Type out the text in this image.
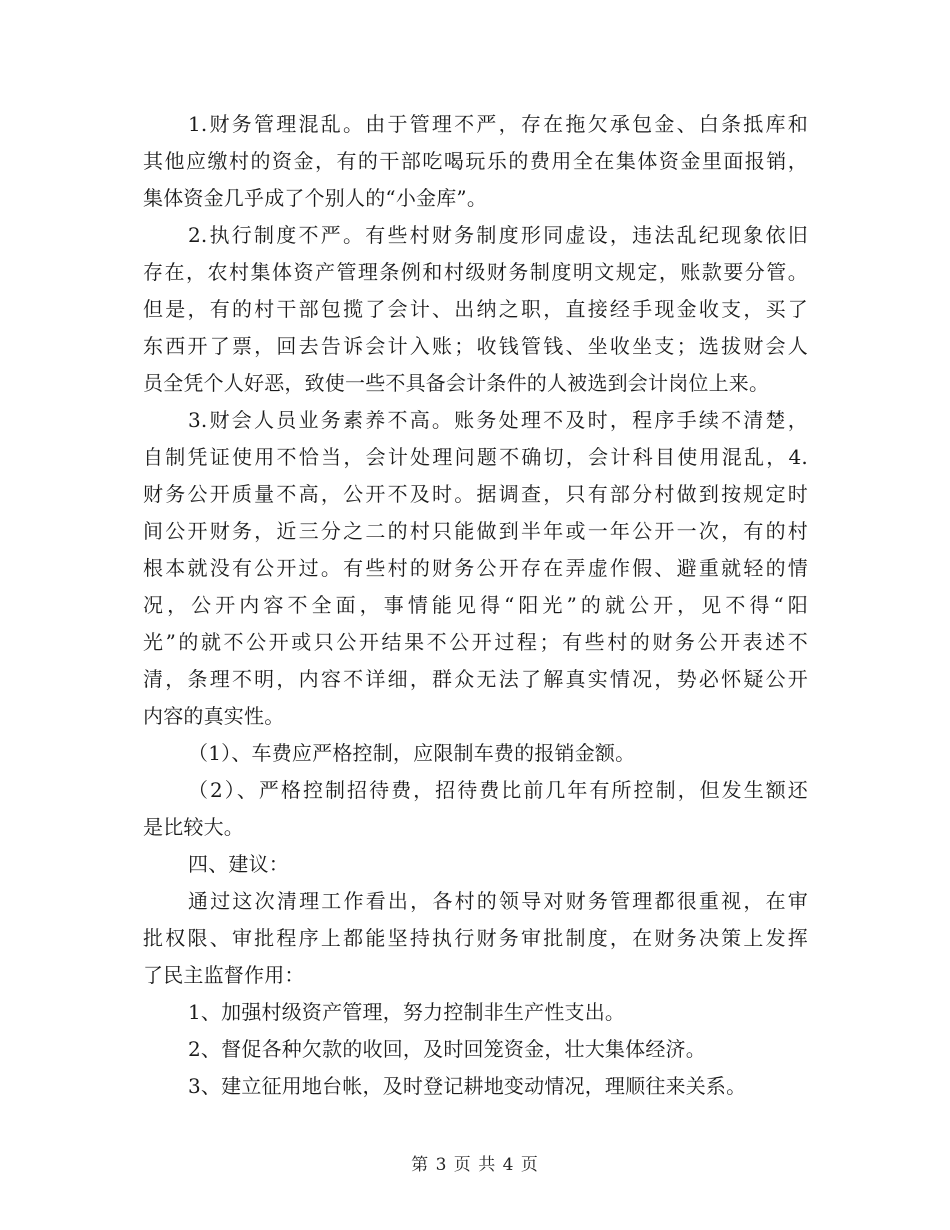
1.财务管理混乱。由于管理不严，存在拖欠承包金、白条抵库和
其他应缴村的资金，有的干部吃喝玩乐的费用全在集体资金里面报销，
集体资金几乎成了个别人的“小金库”。
2.执行制度不严。有些村财务制度形同虚设，违法乱纪现象依旧
存在，农村集体资产管理条例和村级财务制度明文规定，账款要分管。
但是，有的村干部包揽了会计、出纳之职，直接经手现金收支，买了
东西开了票，回去告诉会计入账；收钱管钱、坐收坐支；选拔财会人
员全凭个人好恶，致使一些不具备会计条件的人被选到会计岗位上来。
3.财会人员业务素养不高。账务处理不及时，程序手续不清楚，
自制凭证使用不恰当，会计处理问题不确切，会计科目使用混乱，4.
财务公开质量不高，公开不及时。据调查，只有部分村做到按规定时
间公开财务，近三分之二的村只能做到半年或一年公开一次，有的村
根本就没有公开过。有些村的财务公开存在弄虚作假、避重就轻的情
况，公开内容不全面，事情能见得“阳光”的就公开，见不得“阳
光”的就不公开或只公开结果不公开过程；有些村的财务公开表述不
清，条理不明，内容不详细，群众无法了解真实情况，势必怀疑公开
内容的真实性。
（1）、车费应严格控制，应限制车费的报销金额。
（2）、严格控制招待费，招待费比前几年有所控制，但发生额还
是比较大。
四、建议：
通过这次清理工作看出，各村的领导对财务管理都很重视，在审
批权限、审批程序上都能坚持执行财务审批制度，在财务决策上发挥
了民主监督作用：
1、加强村级资产管理，努力控制非生产性支出。
2、督促各种欠款的收回，及时回笼资金，壮大集体经济。
3、建立征用地台帐，及时登记耕地变动情况，理顺往来关系。
第 3 页 共 4 页
